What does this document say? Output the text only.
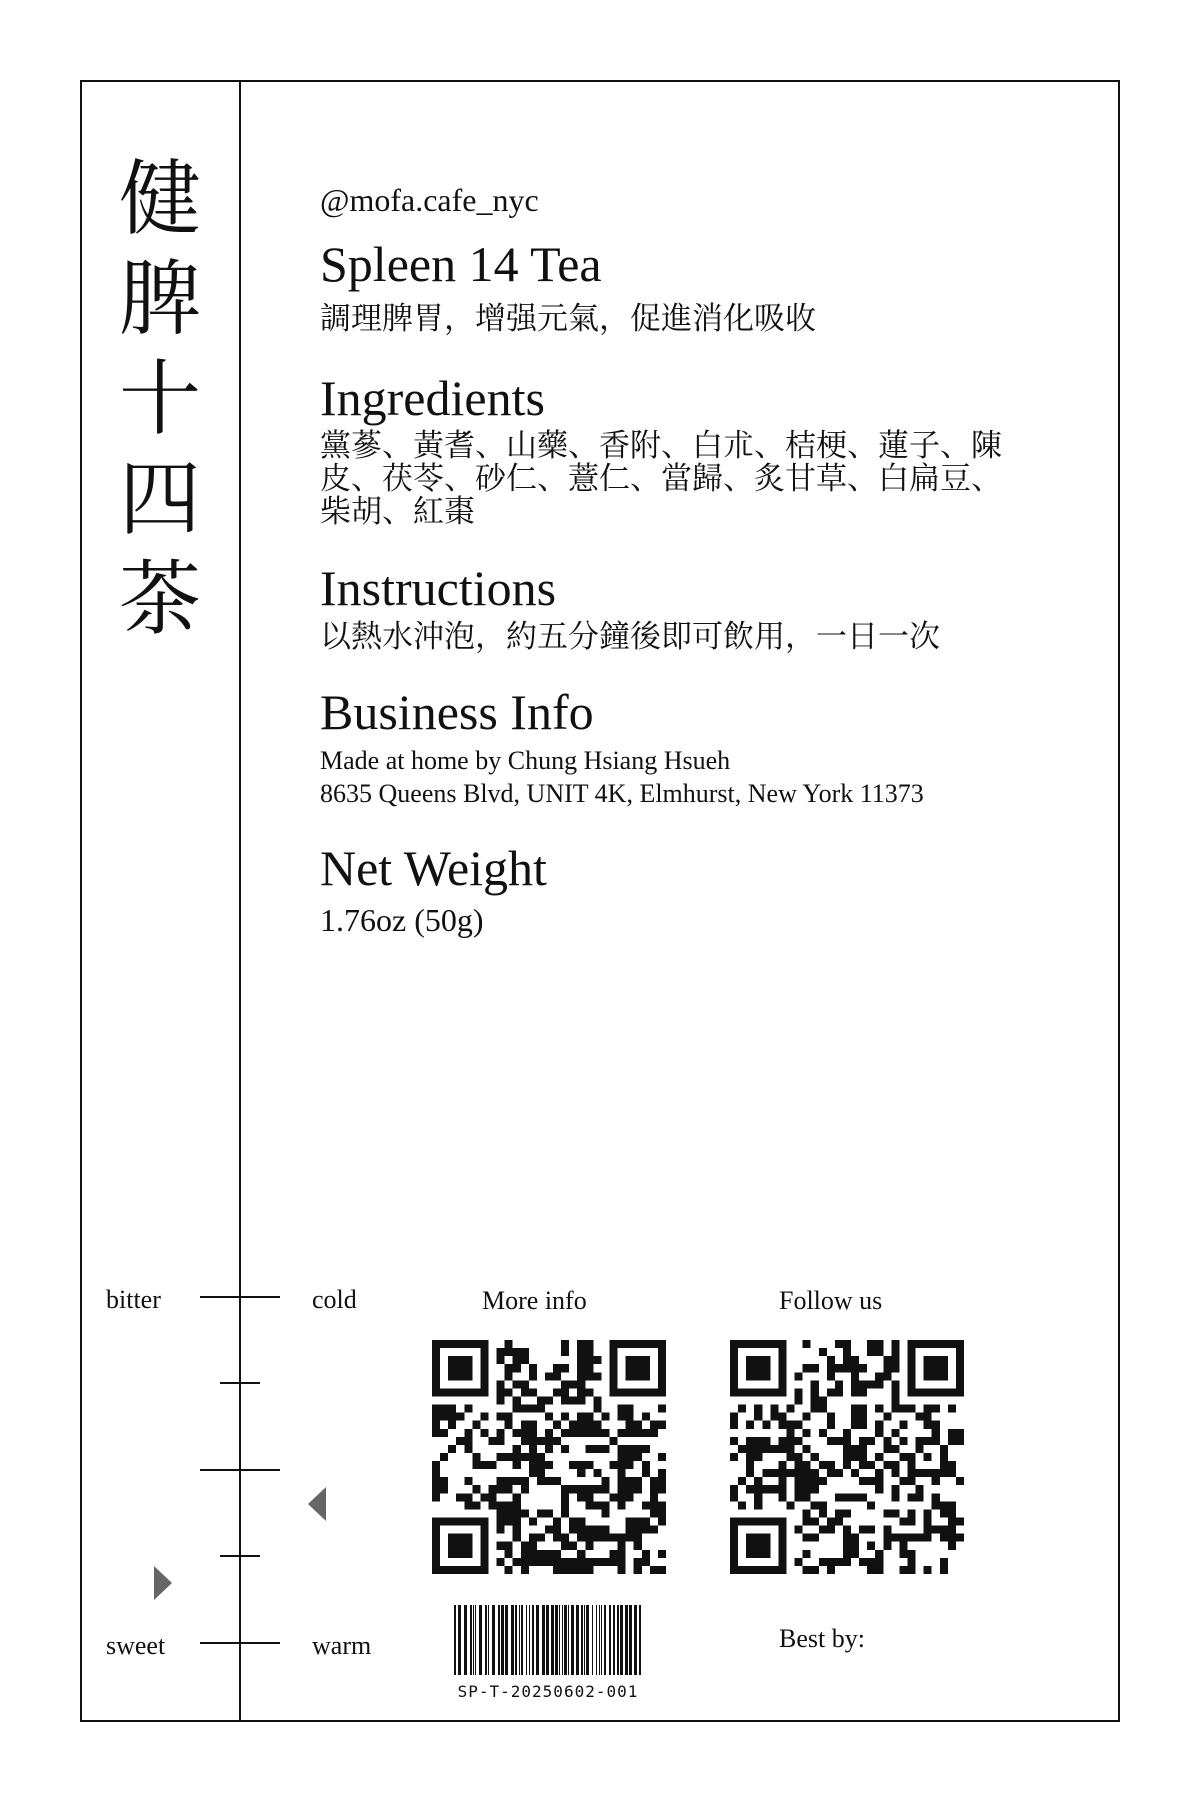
健
脾
十
四
茶
@mofa.cafe_nyc
Spleen 14 Tea
調理脾胃，增强元氣，促進消化吸收
Ingredients
黨蔘、黃耆、山藥、香附、白朮、桔梗、蓮子、陳
皮、茯苓、砂仁、薏仁、當歸、炙甘草、白扁豆、
柴胡、紅棗
Instructions
以熱水沖泡，約五分鐘後即可飲用，一日一次
Business Info
Made at home by Chung Hsiang Hsueh
8635 Queens Blvd, UNIT 4K, Elmhurst, New York 11373
Net Weight
1.76oz (50g)
bitter
sweet
cold
warm
More info	Follow us
SP-T-20250602-001
Best by:
